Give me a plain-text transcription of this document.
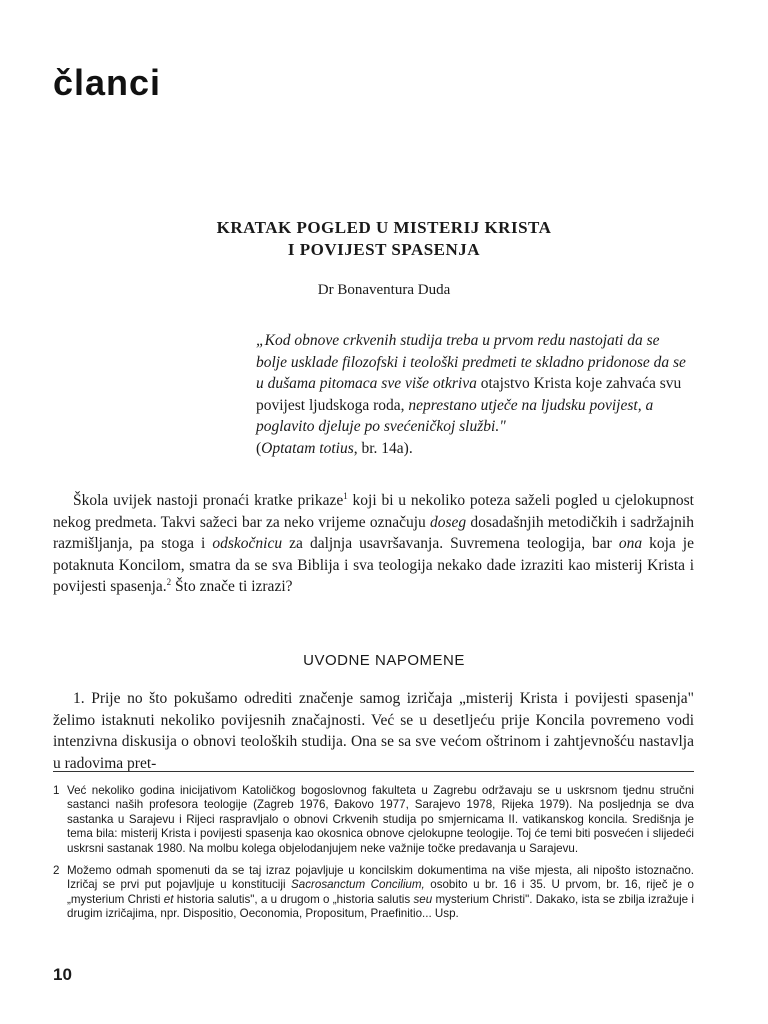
članci
KRATAK POGLED U MISTERIJ KRISTA
I POVIJEST SPASENJA
Dr Bonaventura Duda

„Kod obnove crkvenih studija treba u prvom redu nastojati da se bolje usklade filozofski i teološki predmeti te skladno pridonose da se u dušama pitomaca sve više otkriva otajstvo Krista koje zahvaća svu povijest ljudskoga roda, neprestano utječe na ljudsku povijest, a poglavito djeluje po svećeničkoj službi."

(Optatam totius, br. 14a).

Škola uvijek nastoji pronaći kratke prikaze$^1$ koji bi u nekoliko poteza saželi pogled u cjelokupnost nekog predmeta. Takvi sažeci bar za neko vrijeme označuju doseg dosadašnjih metodičkih i sadržajnih razmišljanja, pa stoga i odskočnicu za daljnja usavršavanja. Suvremena teologija, bar ona koja je potaknuta Koncilom, smatra da se sva Biblija i sva teologija nekako dade izraziti kao misterij Krista i povijesti spasenja.$^2$ Što znače ti izrazi?

UVODNE NAPOMENE

1. Prije no što pokušamo odrediti značenje samog izričaja „misterij Krista i povijesti spasenja" želimo istaknuti nekoliko povijesnih značajnosti. Već se u desetljeću prije Koncila povremeno vodi intenzivna diskusija o obnovi teoloških studija. Ona se sa sve većom oštrinom i zahtjevnošću nastavlja u radovima pret-

1 Već nekoliko godina inicijativom Katoličkog bogoslovnog fakulteta u Zagrebu održavaju se u uskrsnom tjednu stručni sastanci naših profesora teologije (Zagreb 1976, Đakovo 1977, Sarajevo 1978, Rijeka 1979). Na posljednja se dva sastanka u Sarajevu i Rijeci raspravljalo o obnovi Crkvenih studija po smjernicama II. vatikanskog koncila. Središnja je tema bila: misterij Krista i povijesti spasenja kao okosnica obnove cjelokupne teologije. Toj će temi biti posvećen i slijedeći uskrsni sastanak 1980. Na molbu kolega objelodanjujem neke važnije točke predavanja u Sarajevu.
2 Možemo odmah spomenuti da se taj izraz pojavljuje u koncilskim dokumentima na više mjesta, ali nipošto istoznačno. Izričaj se prvi put pojavljuje u konstituciji Sacrosanctum Concilium, osobito u br. 16 i 35. U prvom, br. 16, riječ je o „mysterium Christi et historia salutis", a u drugom o „historia salutis seu mysterium Christi". Dakako, ista se zbilja izražuje i drugim izričajima, npr. Dispositio, Oeconomia, Propositum, Praefinitio... Usp.
10
